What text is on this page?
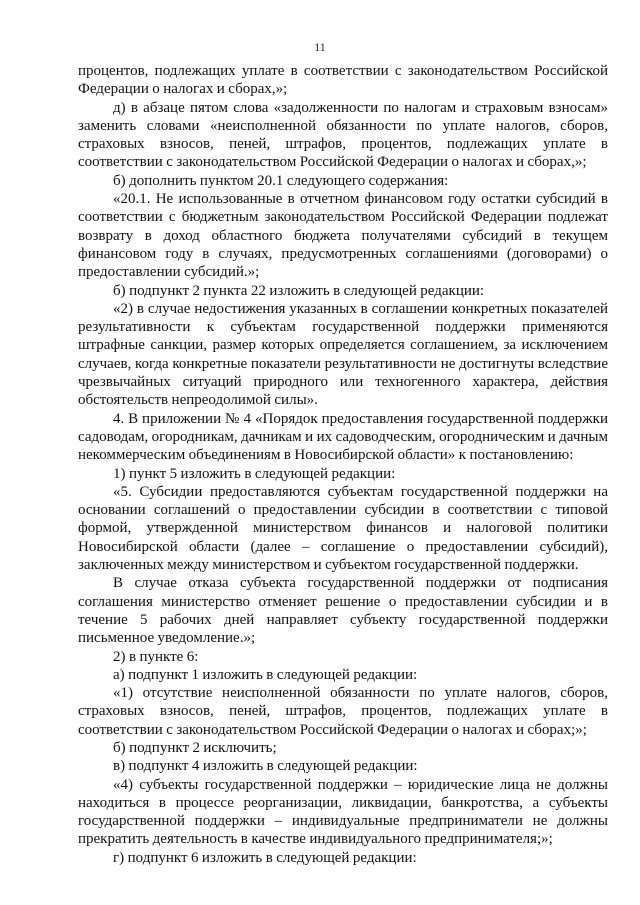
11

процентов, подлежащих уплате в соответствии с законодательством Российской Федерации о налогах и сборах,»;

д) в абзаце пятом слова «задолженности по налогам и страховым взносам» заменить словами «неисполненной обязанности по уплате налогов, сборов, страховых взносов, пеней, штрафов, процентов, подлежащих уплате в соответствии с законодательством Российской Федерации о налогах и сборах,»;

б) дополнить пунктом 20.1 следующего содержания:

«20.1. Не использованные в отчетном финансовом году остатки субсидий в соответствии с бюджетным законодательством Российской Федерации подлежат возврату в доход областного бюджета получателями субсидий в текущем финансовом году в случаях, предусмотренных соглашениями (договорами) о предоставлении субсидий.»;

б) подпункт 2 пункта 22 изложить в следующей редакции:

«2) в случае недостижения указанных в соглашении конкретных показателей результативности к субъектам государственной поддержки применяются штрафные санкции, размер которых определяется соглашением, за исключением случаев, когда конкретные показатели результативности не достигнуты вследствие чрезвычайных ситуаций природного или техногенного характера, действия обстоятельств непреодолимой силы».

4. В приложении № 4 «Порядок предоставления государственной поддержки садоводам, огородникам, дачникам и их садоводческим, огородническим и дачным некоммерческим объединениям в Новосибирской области» к постановлению:

1) пункт 5 изложить в следующей редакции:

«5. Субсидии предоставляются субъектам государственной поддержки на основании соглашений о предоставлении субсидии в соответствии с типовой формой, утвержденной министерством финансов и налоговой политики Новосибирской области (далее – соглашение о предоставлении субсидий), заключенных между министерством и субъектом государственной поддержки.

В случае отказа субъекта государственной поддержки от подписания соглашения министерство отменяет решение о предоставлении субсидии и в течение 5 рабочих дней направляет субъекту государственной поддержки письменное уведомление.»;

2) в пункте 6:

а) подпункт 1 изложить в следующей редакции:

«1) отсутствие неисполненной обязанности по уплате налогов, сборов, страховых взносов, пеней, штрафов, процентов, подлежащих уплате в соответствии с законодательством Российской Федерации о налогах и сборах;»;

б) подпункт 2 исключить;

в) подпункт 4 изложить в следующей редакции:

«4) субъекты государственной поддержки – юридические лица не должны находиться в процессе реорганизации, ликвидации, банкротства, а субъекты государственной поддержки – индивидуальные предприниматели не должны прекратить деятельность в качестве индивидуального предпринимателя;»;

г) подпункт 6 изложить в следующей редакции:
